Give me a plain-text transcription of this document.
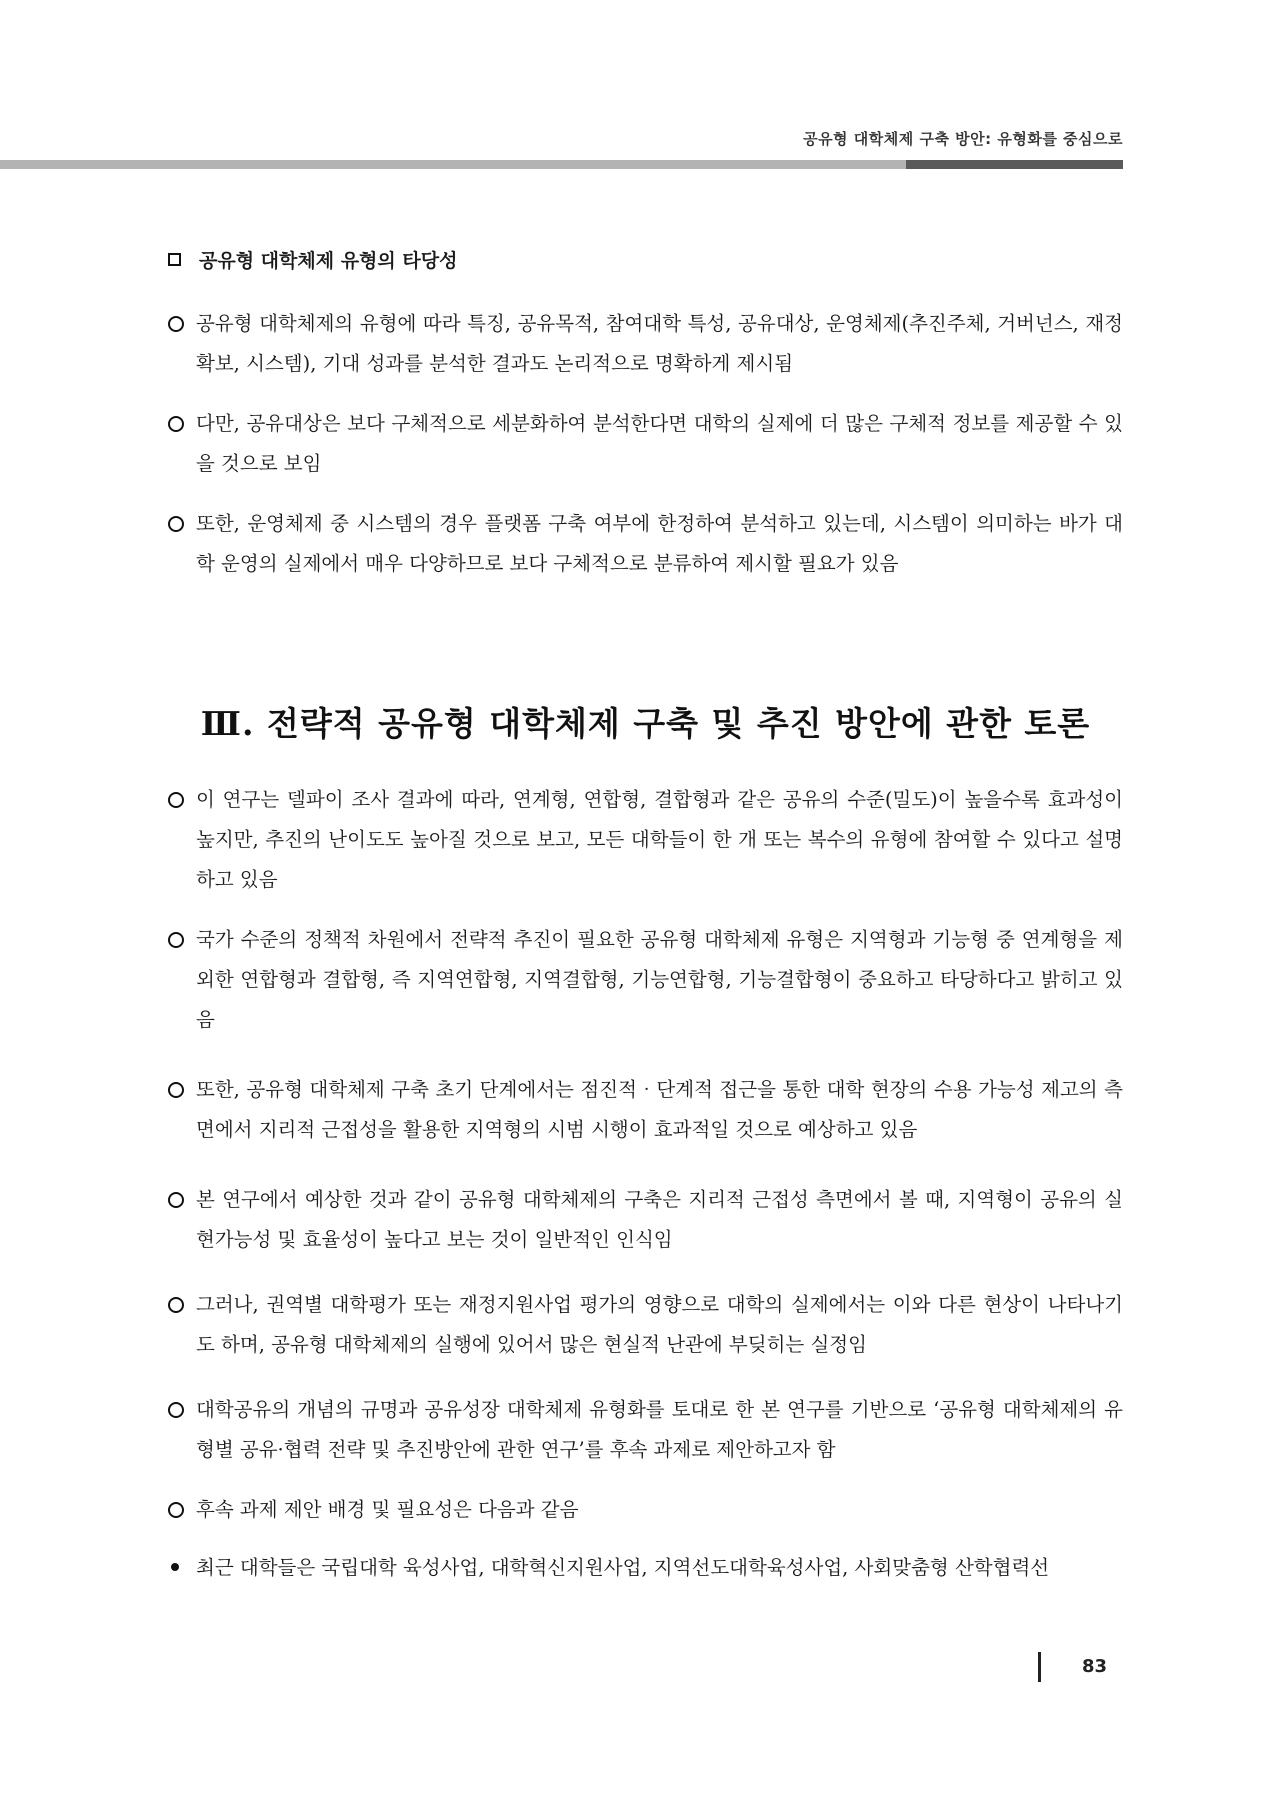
공유형 대학체제 구축 방안: 유형화를 중심으로
공유형 대학체제 유형의 타당성
공유형 대학체제의 유형에 따라 특징, 공유목적, 참여대학 특성, 공유대상, 운영체제(추진주체, 거버넌스, 재정확보, 시스템), 기대 성과를 분석한 결과도 논리적으로 명확하게 제시됨
다만, 공유대상은 보다 구체적으로 세분화하여 분석한다면 대학의 실제에 더 많은 구체적 정보를 제공할 수 있을 것으로 보임
또한, 운영체제 중 시스템의 경우 플랫폼 구축 여부에 한정하여 분석하고 있는데, 시스템이 의미하는 바가 대학 운영의 실제에서 매우 다양하므로 보다 구체적으로 분류하여 제시할 필요가 있음
Ⅲ. 전략적 공유형 대학체제 구축 및 추진 방안에 관한 토론
이 연구는 델파이 조사 결과에 따라, 연계형, 연합형, 결합형과 같은 공유의 수준(밀도)이 높을수록 효과성이 높지만, 추진의 난이도도 높아질 것으로 보고, 모든 대학들이 한 개 또는 복수의 유형에 참여할 수 있다고 설명하고 있음
국가 수준의 정책적 차원에서 전략적 추진이 필요한 공유형 대학체제 유형은 지역형과 기능형 중 연계형을 제외한 연합형과 결합형, 즉 지역연합형, 지역결합형, 기능연합형, 기능결합형이 중요하고 타당하다고 밝히고 있음
또한, 공유형 대학체제 구축 초기 단계에서는 점진적‧단계적 접근을 통한 대학 현장의 수용 가능성 제고의 측면에서 지리적 근접성을 활용한 지역형의 시범 시행이 효과적일 것으로 예상하고 있음
본 연구에서 예상한 것과 같이 공유형 대학체제의 구축은 지리적 근접성 측면에서 볼 때, 지역형이 공유의 실현가능성 및 효율성이 높다고 보는 것이 일반적인 인식임
그러나, 권역별 대학평가 또는 재정지원사업 평가의 영향으로 대학의 실제에서는 이와 다른 현상이 나타나기도 하며, 공유형 대학체제의 실행에 있어서 많은 현실적 난관에 부딪히는 실정임
대학공유의 개념의 규명과 공유성장 대학체제 유형화를 토대로 한 본 연구를 기반으로 ‘공유형 대학체제의 유형별 공유·협력 전략 및 추진방안에 관한 연구’를 후속 과제로 제안하고자 함
후속 과제 제안 배경 및 필요성은 다음과 같음
최근 대학들은 국립대학 육성사업, 대학혁신지원사업, 지역선도대학육성사업, 사회맞춤형 산학협력선
83
